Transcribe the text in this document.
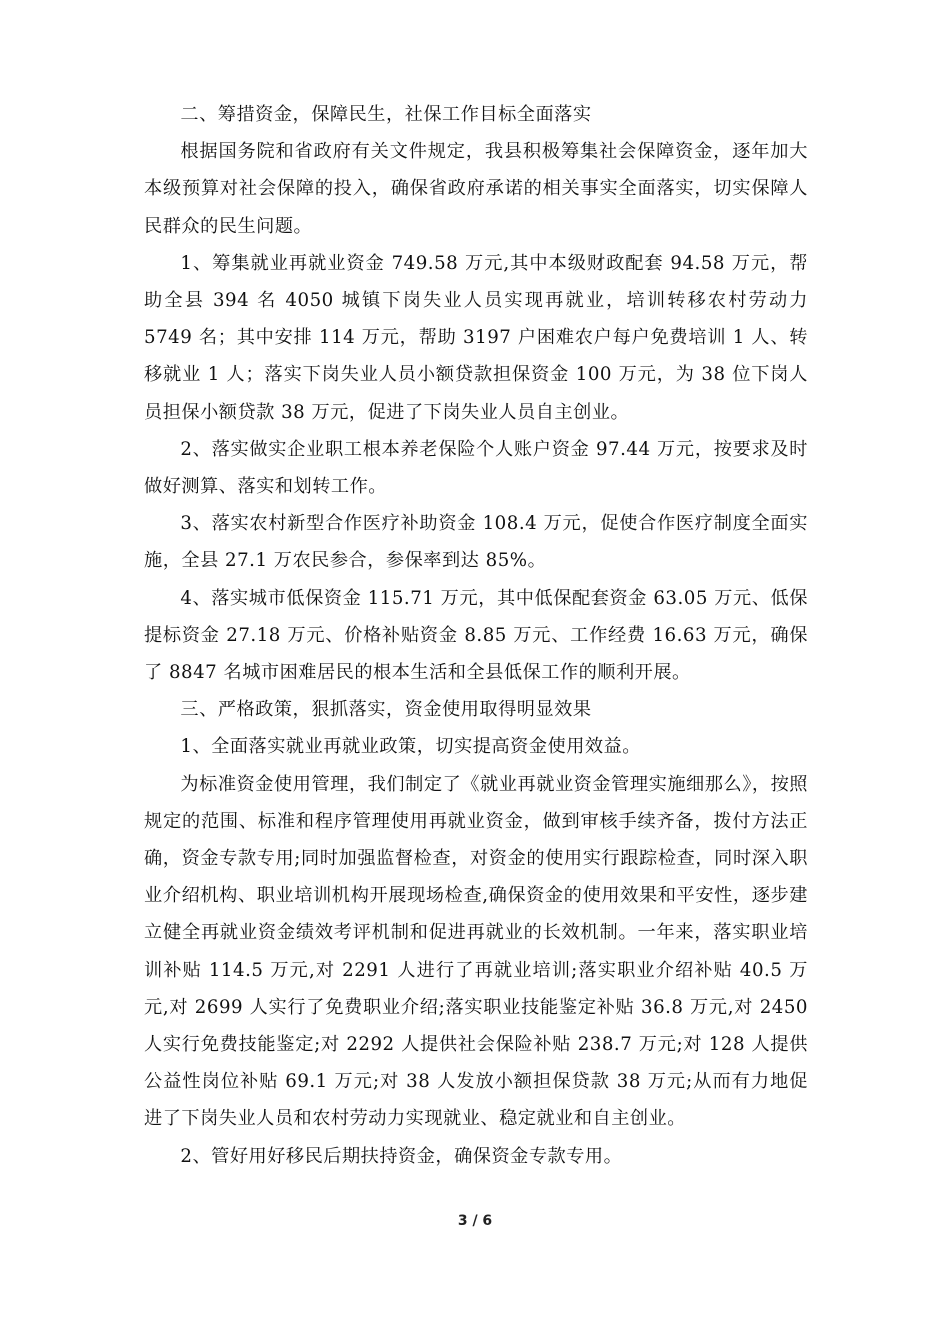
二、筹措资金，保障民生，社保工作目标全面落实

根据国务院和省政府有关文件规定，我县积极筹集社会保障资金，逐年加大本级预算对社会保障的投入，确保省政府承诺的相关事实全面落实，切实保障人民群众的民生问题。

1、筹集就业再就业资金 749.58 万元,其中本级财政配套 94.58 万元，帮助全县 394 名 4050 城镇下岗失业人员实现再就业，培训转移农村劳动力 5749 名；其中安排 114 万元，帮助 3197 户困难农户每户免费培训 1 人、转移就业 1 人；落实下岗失业人员小额贷款担保资金 100 万元，为 38 位下岗人员担保小额贷款 38 万元，促进了下岗失业人员自主创业。

2、落实做实企业职工根本养老保险个人账户资金 97.44 万元，按要求及时做好测算、落实和划转工作。

3、落实农村新型合作医疗补助资金 108.4 万元，促使合作医疗制度全面实施，全县 27.1 万农民参合，参保率到达 85%。

4、落实城市低保资金 115.71 万元，其中低保配套资金 63.05 万元、低保提标资金 27.18 万元、价格补贴资金 8.85 万元、工作经费 16.63 万元，确保了 8847 名城市困难居民的根本生活和全县低保工作的顺利开展。

三、严格政策，狠抓落实，资金使用取得明显效果

1、全面落实就业再就业政策，切实提高资金使用效益。

为标准资金使用管理，我们制定了《就业再就业资金管理实施细那么》，按照规定的范围、标准和程序管理使用再就业资金，做到审核手续齐备，拨付方法正确，资金专款专用;同时加强监督检查，对资金的使用实行跟踪检查，同时深入职业介绍机构、职业培训机构开展现场检查,确保资金的使用效果和平安性，逐步建立健全再就业资金绩效考评机制和促进再就业的长效机制。一年来，落实职业培训补贴 114.5 万元,对 2291 人进行了再就业培训;落实职业介绍补贴 40.5 万元,对 2699 人实行了免费职业介绍;落实职业技能鉴定补贴 36.8 万元,对 2450 人实行免费技能鉴定;对 2292 人提供社会保险补贴 238.7 万元;对 128 人提供公益性岗位补贴 69.1 万元;对 38 人发放小额担保贷款 38 万元;从而有力地促进了下岗失业人员和农村劳动力实现就业、稳定就业和自主创业。

2、管好用好移民后期扶持资金，确保资金专款专用。

3 / 6
